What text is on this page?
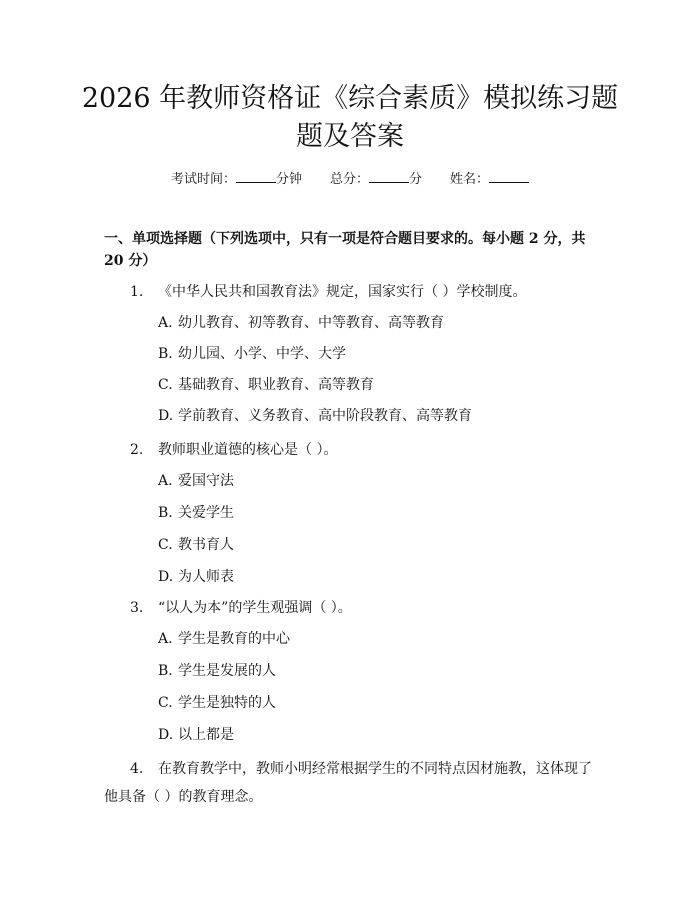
2026 年教师资格证《综合素质》模拟练习题
题及答案
考试时间：	分钟 总分：	分 姓名：
一、单项选择题（下列选项中，只有一项是符合题目要求的。每小题 2 分，共 20 分）
1. 《中华人民共和国教育法》规定，国家实行（ ）学校制度。
A. 幼儿教育、初等教育、中等教育、高等教育
B. 幼儿园、小学、中学、大学
C. 基础教育、职业教育、高等教育
D. 学前教育、义务教育、高中阶段教育、高等教育
2. 教师职业道德的核心是（ ）。
A. 爱国守法
B. 关爱学生
C. 教书育人
D. 为人师表
3. “以人为本”的学生观强调（ ）。
A. 学生是教育的中心
B. 学生是发展的人
C. 学生是独特的人
D. 以上都是
4. 在教育教学中，教师小明经常根据学生的不同特点因材施教，这体现了他具备（ ）的教育理念。
